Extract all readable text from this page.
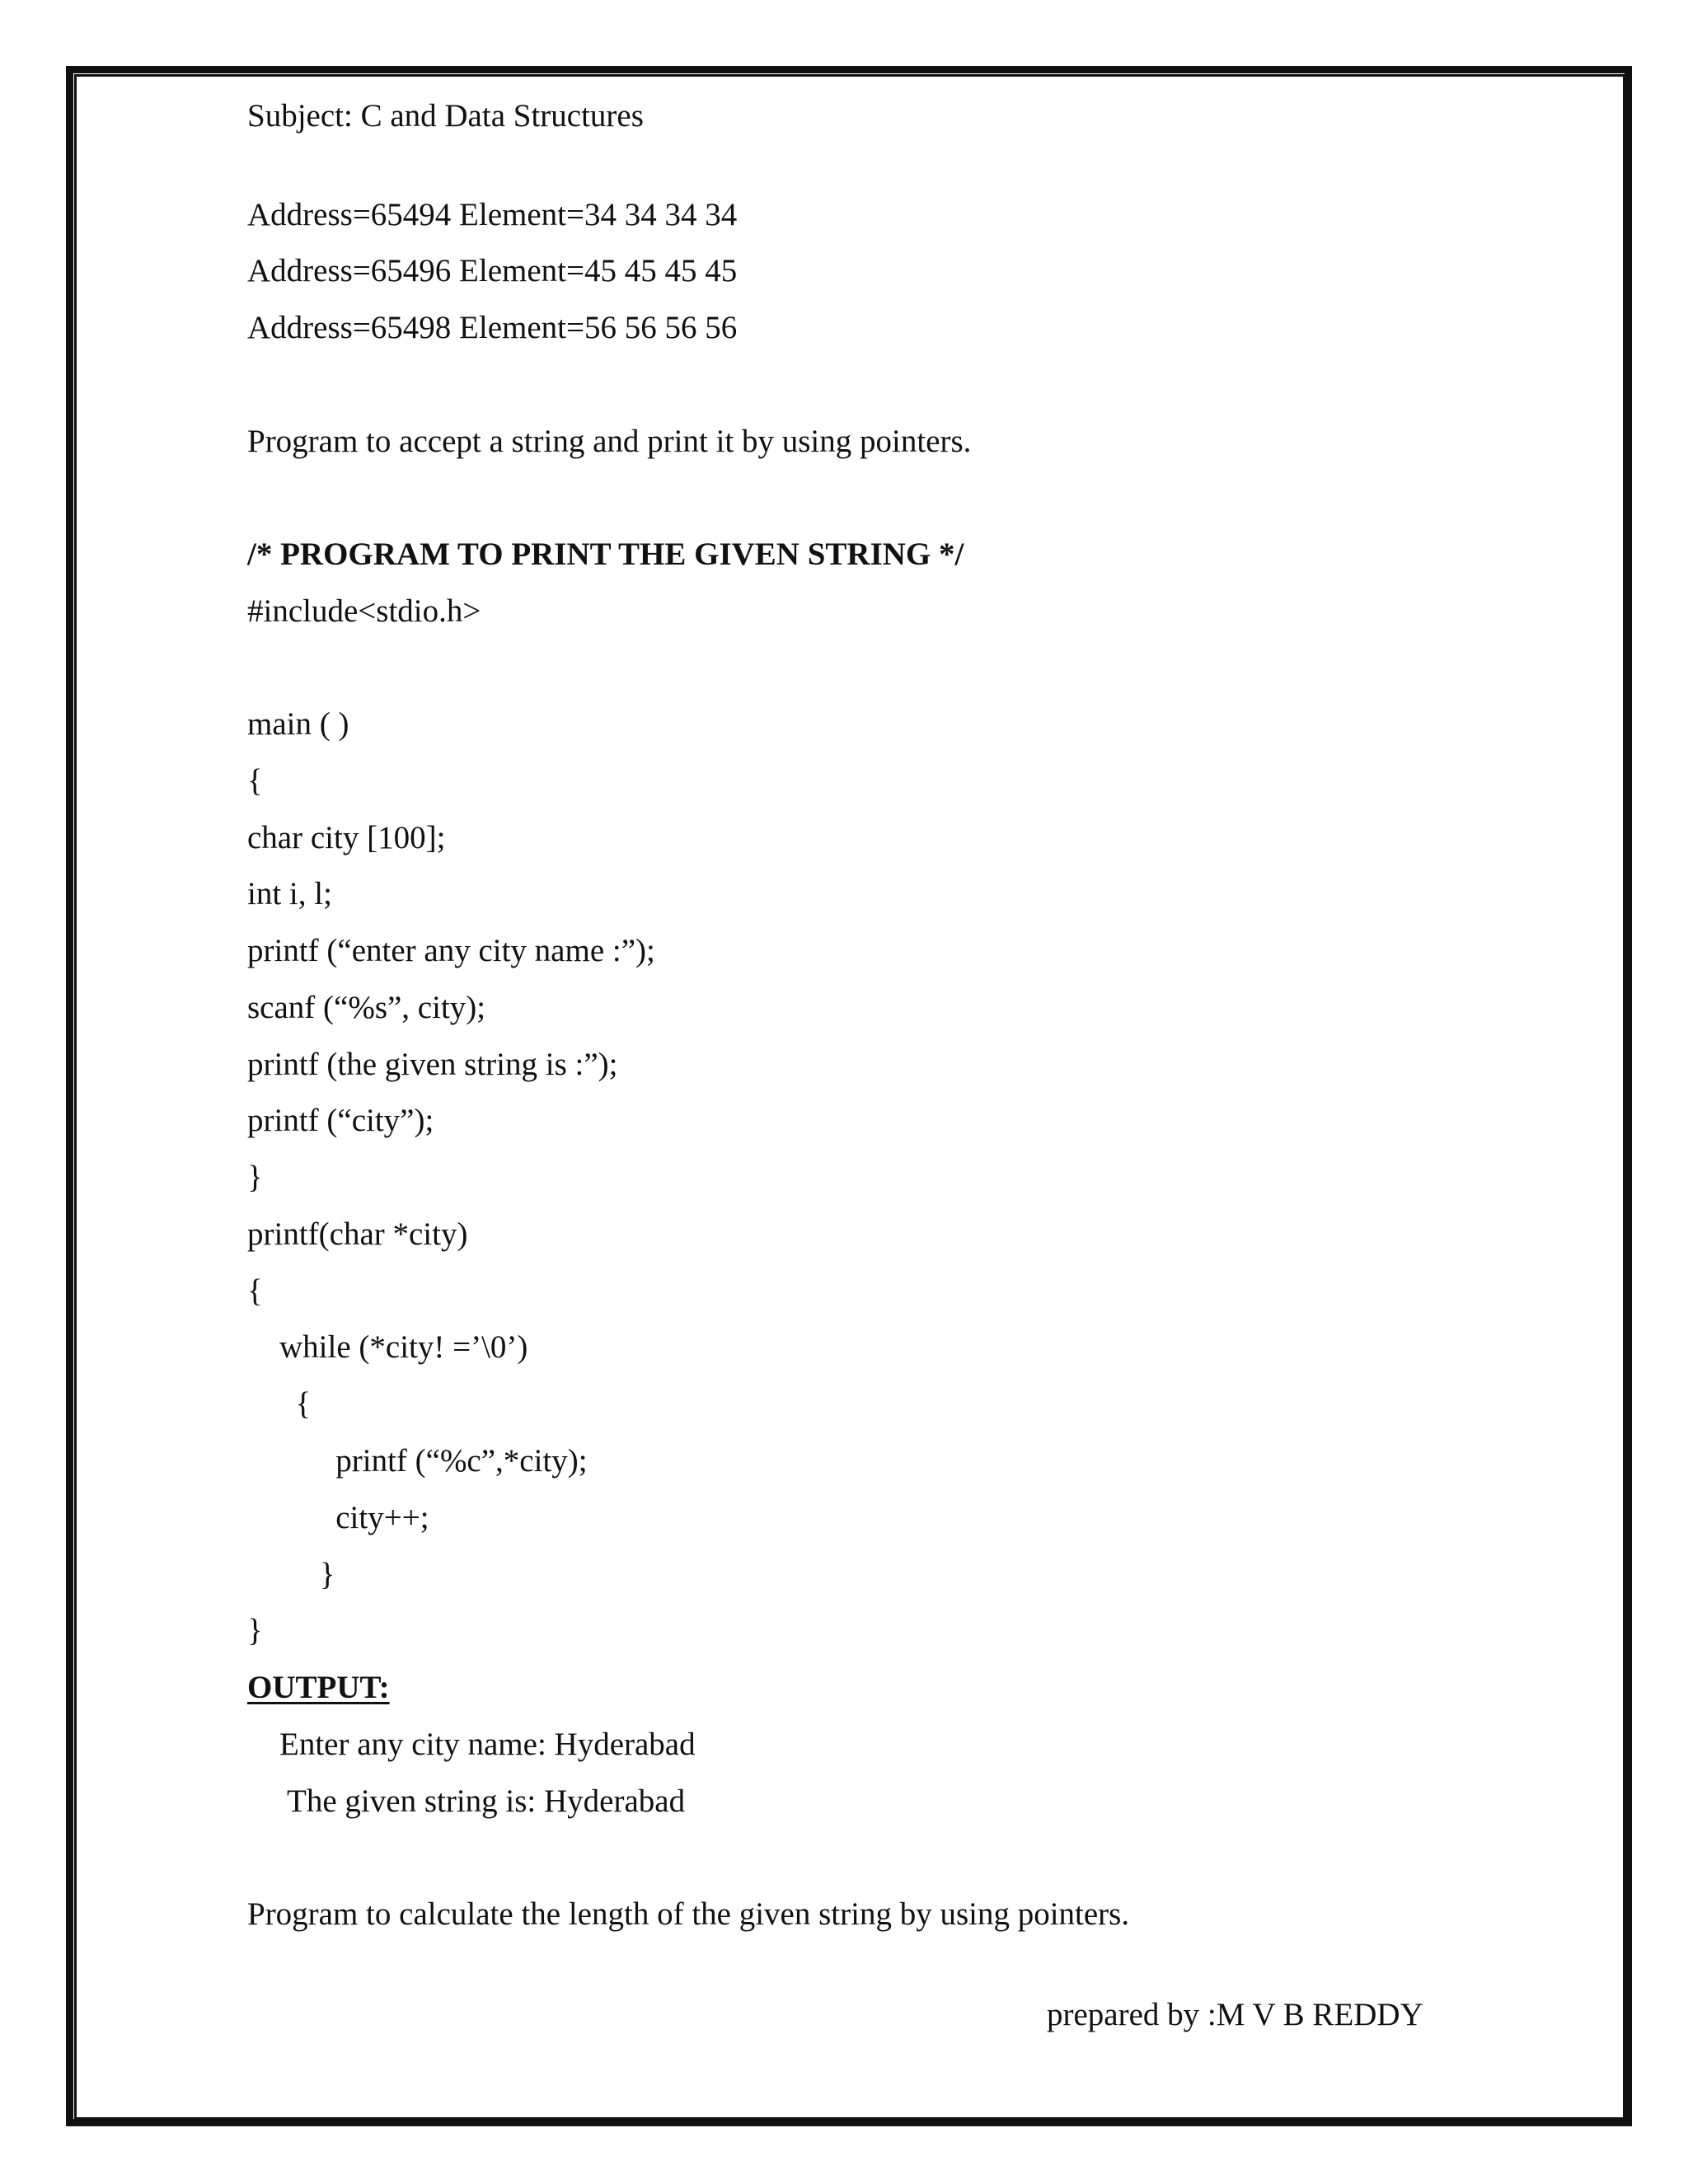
Subject: C and Data Structures

Address=65494 Element=34 34 34 34

Address=65496 Element=45 45 45 45

Address=65498 Element=56 56 56 56

Program to accept a string and print it by using pointers.

/* PROGRAM TO PRINT THE GIVEN STRING */

#include<stdio.h>

main ( )

{

char city [100];

int i, l;

printf (“enter any city name :”);

scanf (“%s”, city);

printf (the given string is :”);

printf (“city”);

}

printf(char *city)

{

while (*city! =’\0’)

{

printf (“%c”,*city);

city++;

}

}

OUTPUT:

Enter any city name: Hyderabad

The given string is: Hyderabad

Program to calculate the length of the given string by using pointers.

prepared by :M V B REDDY
